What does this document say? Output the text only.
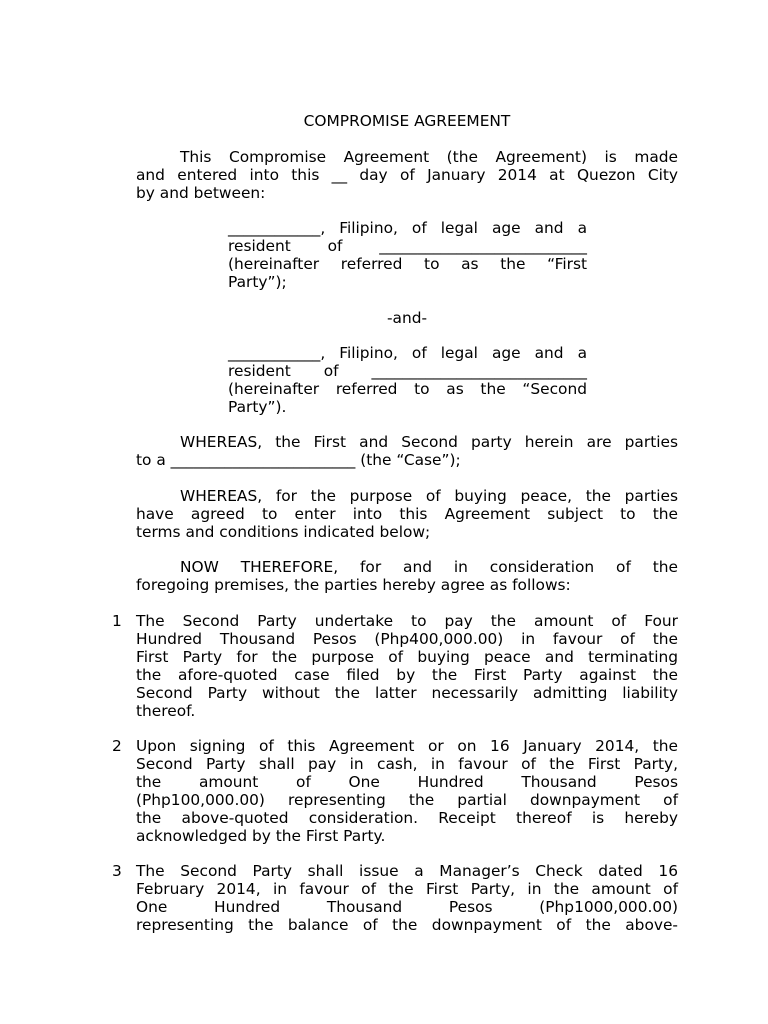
COMPROMISE AGREEMENT
This Compromise Agreement (the Agreement) is made
and entered into this __ day of January 2014 at Quezon City
by and between:
____________, Filipino, of legal age and a
resident of ___________________________
(hereinafter referred to as the “First
Party”);
-and-
____________, Filipino, of legal age and a
resident of ____________________________
(hereinafter referred to as the “Second
Party”).
WHEREAS, the First and Second party herein are parties
to a ________________________ (the “Case”);
WHEREAS, for the purpose of buying peace, the parties
have agreed to enter into this Agreement subject to the
terms and conditions indicated below;
NOW THEREFORE, for and in consideration of the
foregoing premises, the parties hereby agree as follows:
1 The Second Party undertake to pay the amount of Four
Hundred Thousand Pesos (Php400,000.00) in favour of the
First Party for the purpose of buying peace and terminating
the afore-quoted case filed by the First Party against the
Second Party without the latter necessarily admitting liability
thereof.
2 Upon signing of this Agreement or on 16 January 2014, the
Second Party shall pay in cash, in favour of the First Party,
the amount of One Hundred Thousand Pesos
(Php100,000.00) representing the partial downpayment of
the above-quoted consideration. Receipt thereof is hereby
acknowledged by the First Party.
3 The Second Party shall issue a Manager’s Check dated 16
February 2014, in favour of the First Party, in the amount of
One Hundred Thousand Pesos (Php1000,000.00)
representing the balance of the downpayment of the above-
